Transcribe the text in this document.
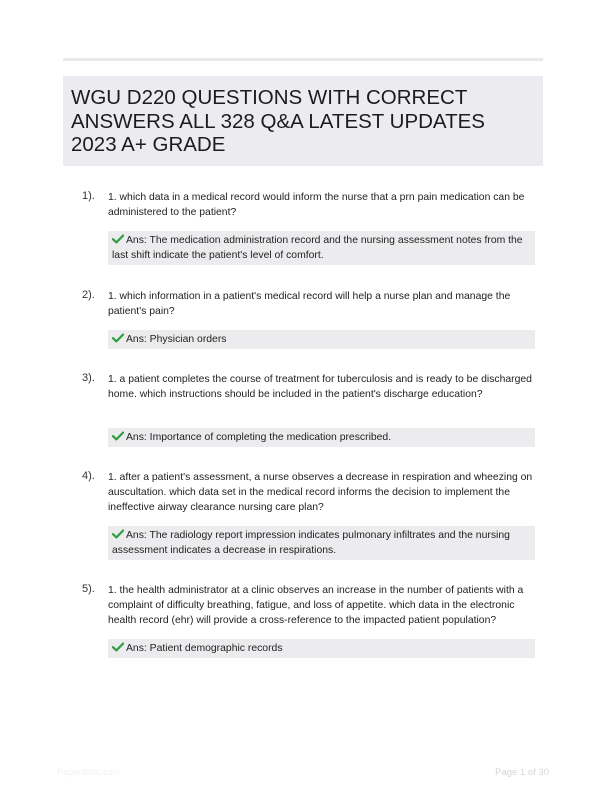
WGU D220 QUESTIONS WITH CORRECT ANSWERS ALL 328 Q&A LATEST UPDATES 2023 A+ GRADE
1). 1. which data in a medical record would inform the nurse that a prn pain medication can be administered to the patient?
Ans: The medication administration record and the nursing assessment notes from the last shift indicate the patient's level of comfort.
2). 1. which information in a patient's medical record will help a nurse plan and manage the patient's pain?
Ans: Physician orders
3). 1. a patient completes the course of treatment for tuberculosis and is ready to be discharged home. which instructions should be included in the patient's discharge education?
Ans: Importance of completing the medication prescribed.
4). 1. after a patient's assessment, a nurse observes a decrease in respiration and wheezing on auscultation. which data set in the medical record informs the decision to implement the ineffective airway clearance nursing care plan?
Ans: The radiology report impression indicates pulmonary infiltrates and the nursing assessment indicates a decrease in respirations.
5). 1. the health administrator at a clinic observes an increase in the number of patients with a complaint of difficulty breathing, fatigue, and loss of appetite. which data in the electronic health record (ehr) will provide a cross-reference to the impacted patient population?
Ans: Patient demographic records
PaperStitic.com	Page 1 of 30
